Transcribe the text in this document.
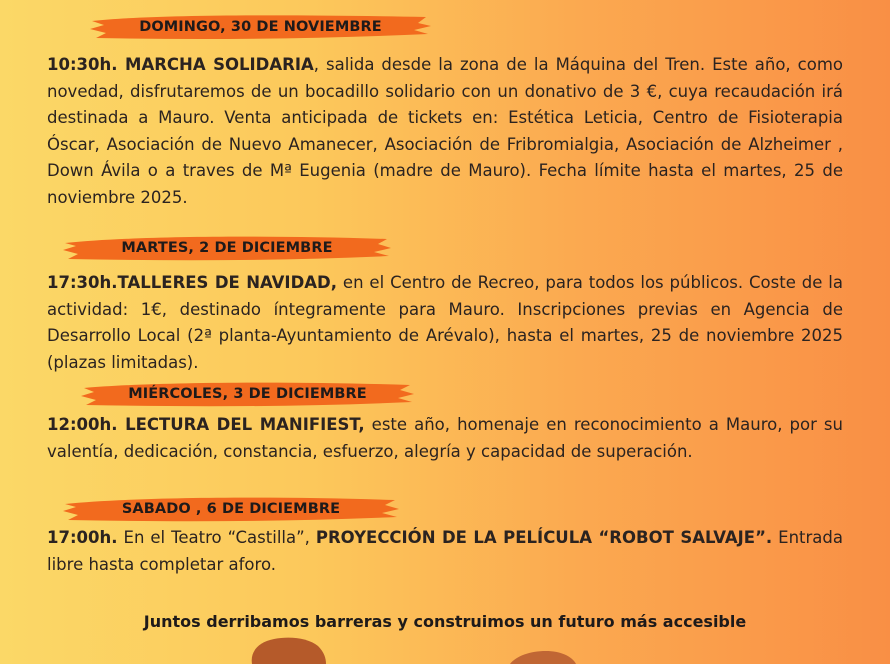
DOMINGO, 30 DE NOVIEMBRE

10:30h. MARCHA SOLIDARIA, salida desde la zona de la Máquina del Tren. Este año, como novedad, disfrutaremos de un bocadillo solidario con un donativo de 3 €, cuya recaudación irá destinada a Mauro. Venta anticipada de tickets en: Estética Leticia, Centro de Fisioterapia Óscar, Asociación de Nuevo Amanecer, Asociación de Fribromialgia, Asociación de Alzheimer , Down Ávila o a traves de Mª Eugenia (madre de Mauro). Fecha límite hasta el martes, 25 de noviembre 2025.

MARTES, 2 DE DICIEMBRE

17:30h.TALLERES DE NAVIDAD, en el Centro de Recreo, para todos los públicos. Coste de la actividad: 1€, destinado íntegramente para Mauro. Inscripciones previas en Agencia de Desarrollo Local (2ª planta-Ayuntamiento de Arévalo), hasta el martes, 25 de noviembre 2025 (plazas limitadas).

MIÉRCOLES, 3 DE DICIEMBRE

12:00h. LECTURA DEL MANIFIEST, este año, homenaje en reconocimiento a Mauro, por su valentía, dedicación, constancia, esfuerzo, alegría y capacidad de superación.

SABADO , 6 DE DICIEMBRE

17:00h. En el Teatro “Castilla”, PROYECCIÓN DE LA PELÍCULA “ROBOT SALVAJE”. Entrada libre hasta completar aforo.

Juntos derribamos barreras y construimos un futuro más accesible
